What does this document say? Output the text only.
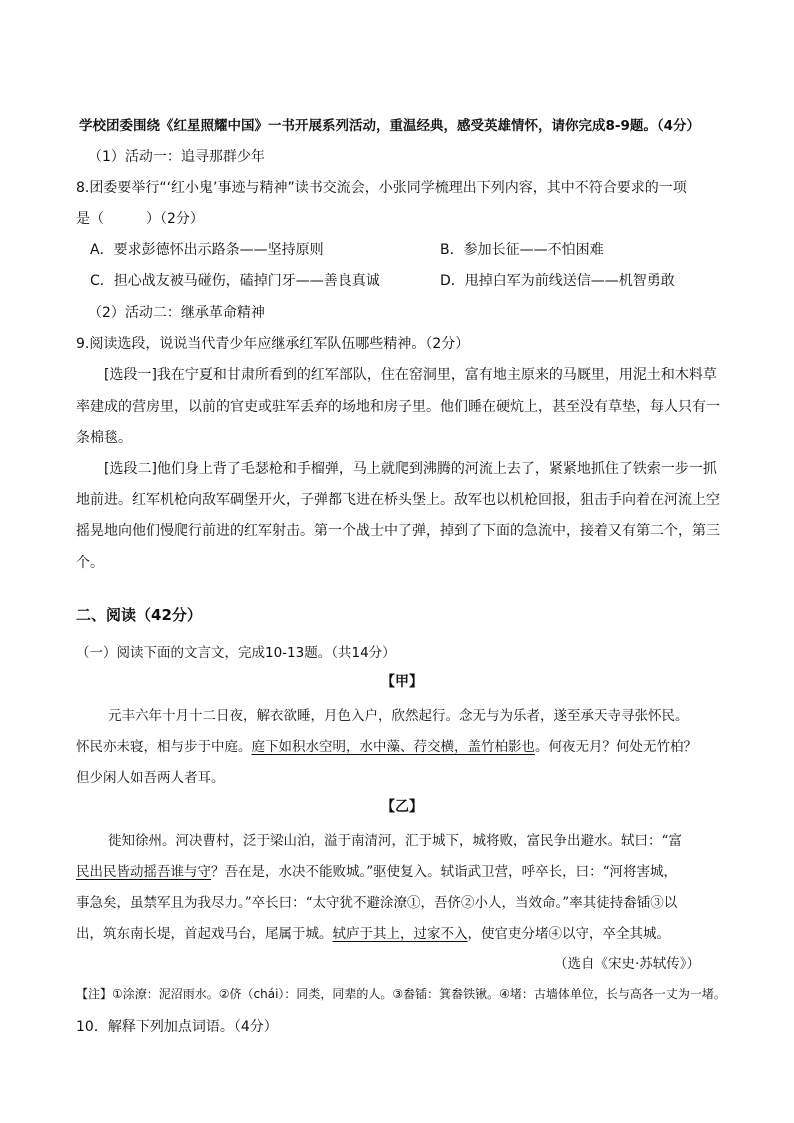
学校团委围绕《红星照耀中国》一书开展系列活动，重温经典，感受英雄情怀，请你完成8-9题。（4分）
（1）活动一：追寻那群少年
8.团委要举行“‘红小鬼’事迹与精神”读书交流会，小张同学梳理出下列内容，其中不符合要求的一项
是（　　　）（2分）
A．要求彭德怀出示路条——坚持原则	B．参加长征——不怕困难
C．担心战友被马碰伤，磕掉门牙——善良真诚	D．甩掉白军为前线送信——机智勇敢
（2）活动二：继承革命精神
9.阅读选段，说说当代青少年应继承红军队伍哪些精神。（2分）
[选段一]我在宁夏和甘肃所看到的红军部队，住在窑洞里，富有地主原来的马厩里，用泥土和木料草
率建成的营房里，以前的官吏或驻军丢弃的场地和房子里。他们睡在硬炕上，甚至没有草垫，每人只有一
条棉毯。
[选段二]他们身上背了毛瑟枪和手榴弹，马上就爬到沸腾的河流上去了，紧紧地抓住了铁索一步一抓
地前进。红军机枪向敌军碉堡开火，子弹都飞进在桥头堡上。敌军也以机枪回报，狙击手向着在河流上空
摇晃地向他们慢爬行前进的红军射击。第一个战士中了弹，掉到了下面的急流中，接着又有第二个，第三
个。
二、阅读（42分）
（一）阅读下面的文言文，完成10-13题。（共14分）
【甲】
元丰六年十月十二日夜，解衣欲睡，月色入户，欣然起行。念无与为乐者，遂至承天寺寻张怀民。
怀民亦未寝，相与步于中庭。庭下如积水空明，水中藻、荇交横，盖竹柏影也。何夜无月？何处无竹柏？
但少闲人如吾两人者耳。
【乙】
徙知徐州。河决曹村，泛于梁山泊，溢于南清河，汇于城下，城将败，富民争出避水。轼曰：“富
民出民皆动摇吾谁与守？吾在是，水决不能败城。”驱使复入。轼诣武卫营，呼卒长，曰：“河将害城，
事急矣，虽禁军且为我尽力。”卒长曰：“太守犹不避涂潦①，吾侪②小人，当效命。”率其徒持畚锸③以
出，筑东南长堤，首起戏马台，尾属于城。轼庐于其上，过家不入，使官吏分堵④以守，卒全其城。
（选自《宋史·苏轼传》）
【注】①涂潦：泥沼雨水。②侪（chái）：同类，同辈的人。③畚锸：箕畚铁锹。④堵：古墙体单位，长与高各一丈为一堵。
10．解释下列加点词语。（4分）
